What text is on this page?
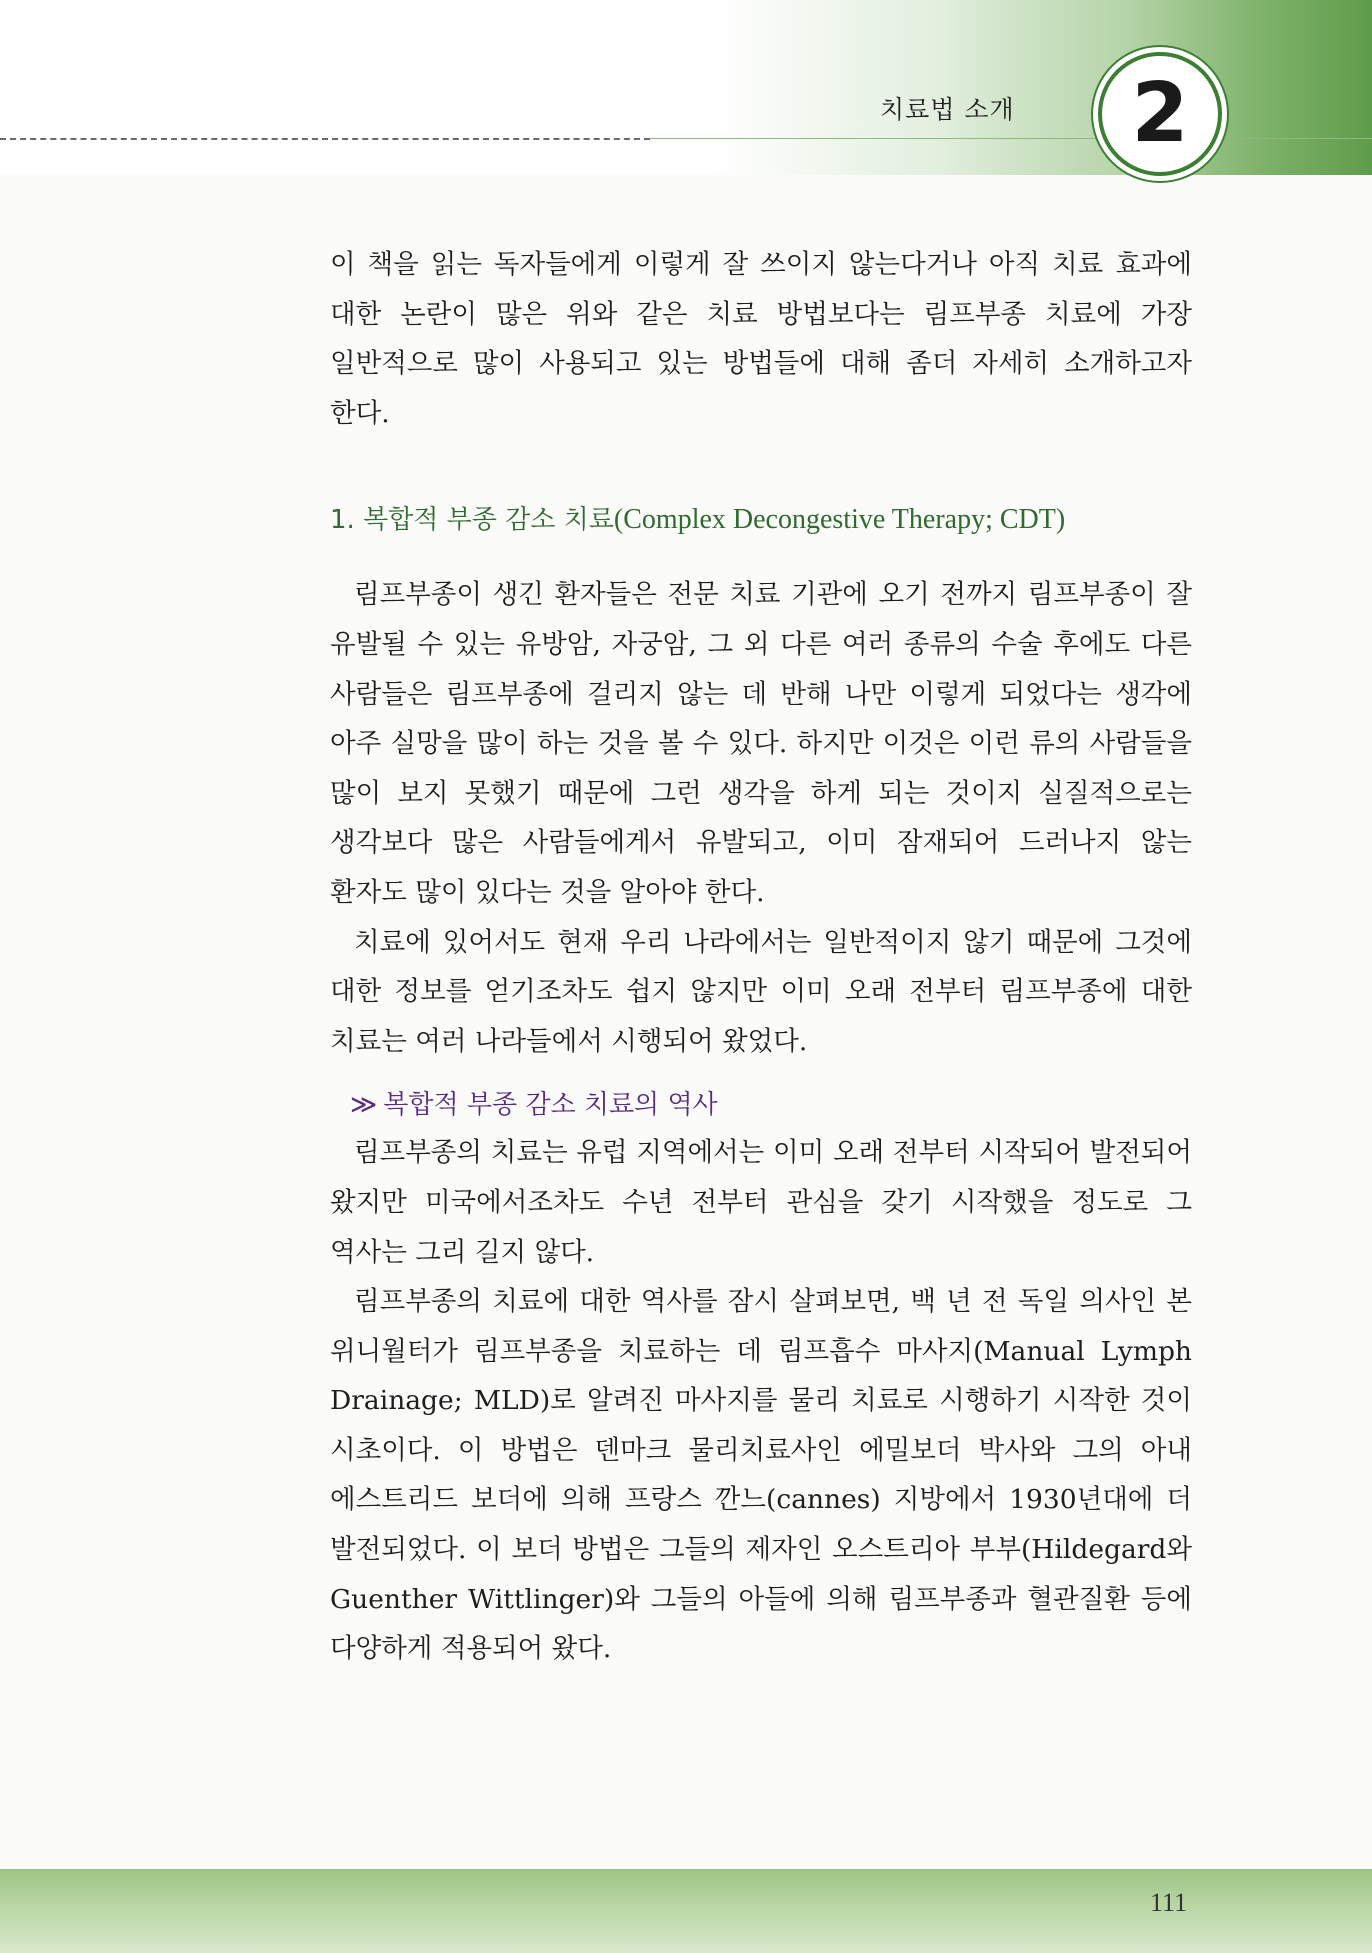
치료법 소개	2

이 책을 읽는 독자들에게 이렇게 잘 쓰이지 않는다거나 아직 치료 효과에 대한 논란이 많은 위와 같은 치료 방법보다는 림프부종 치료에 가장 일반적으로 많이 사용되고 있는 방법들에 대해 좀더 자세히 소개하고자 한다.

1. 복합적 부종 감소 치료(Complex Decongestive Therapy; CDT)

림프부종이 생긴 환자들은 전문 치료 기관에 오기 전까지 림프부종이 잘 유발될 수 있는 유방암, 자궁암, 그 외 다른 여러 종류의 수술 후에도 다른 사람들은 림프부종에 걸리지 않는 데 반해 나만 이렇게 되었다는 생각에 아주 실망을 많이 하는 것을 볼 수 있다. 하지만 이것은 이런 류의 사람들을 많이 보지 못했기 때문에 그런 생각을 하게 되는 것이지 실질적으로는 생각보다 많은 사람들에게서 유발되고, 이미 잠재되어 드러나지 않는 환자도 많이 있다는 것을 알아야 한다.

치료에 있어서도 현재 우리 나라에서는 일반적이지 않기 때문에 그것에 대한 정보를 얻기조차도 쉽지 않지만 이미 오래 전부터 림프부종에 대한 치료는 여러 나라들에서 시행되어 왔었다.

≫ 복합적 부종 감소 치료의 역사

림프부종의 치료는 유럽 지역에서는 이미 오래 전부터 시작되어 발전되어 왔지만 미국에서조차도 수년 전부터 관심을 갖기 시작했을 정도로 그 역사는 그리 길지 않다.

림프부종의 치료에 대한 역사를 잠시 살펴보면, 백 년 전 독일 의사인 본 위니월터가 림프부종을 치료하는 데 림프흡수 마사지(Manual Lymph Drainage; MLD)로 알려진 마사지를 물리 치료로 시행하기 시작한 것이 시초이다. 이 방법은 덴마크 물리치료사인 에밀보더 박사와 그의 아내 에스트리드 보더에 의해 프랑스 깐느(cannes) 지방에서 1930년대에 더 발전되었다. 이 보더 방법은 그들의 제자인 오스트리아 부부(Hildegard와 Guenther Wittlinger)와 그들의 아들에 의해 림프부종과 혈관질환 등에 다양하게 적용되어 왔다.

111
